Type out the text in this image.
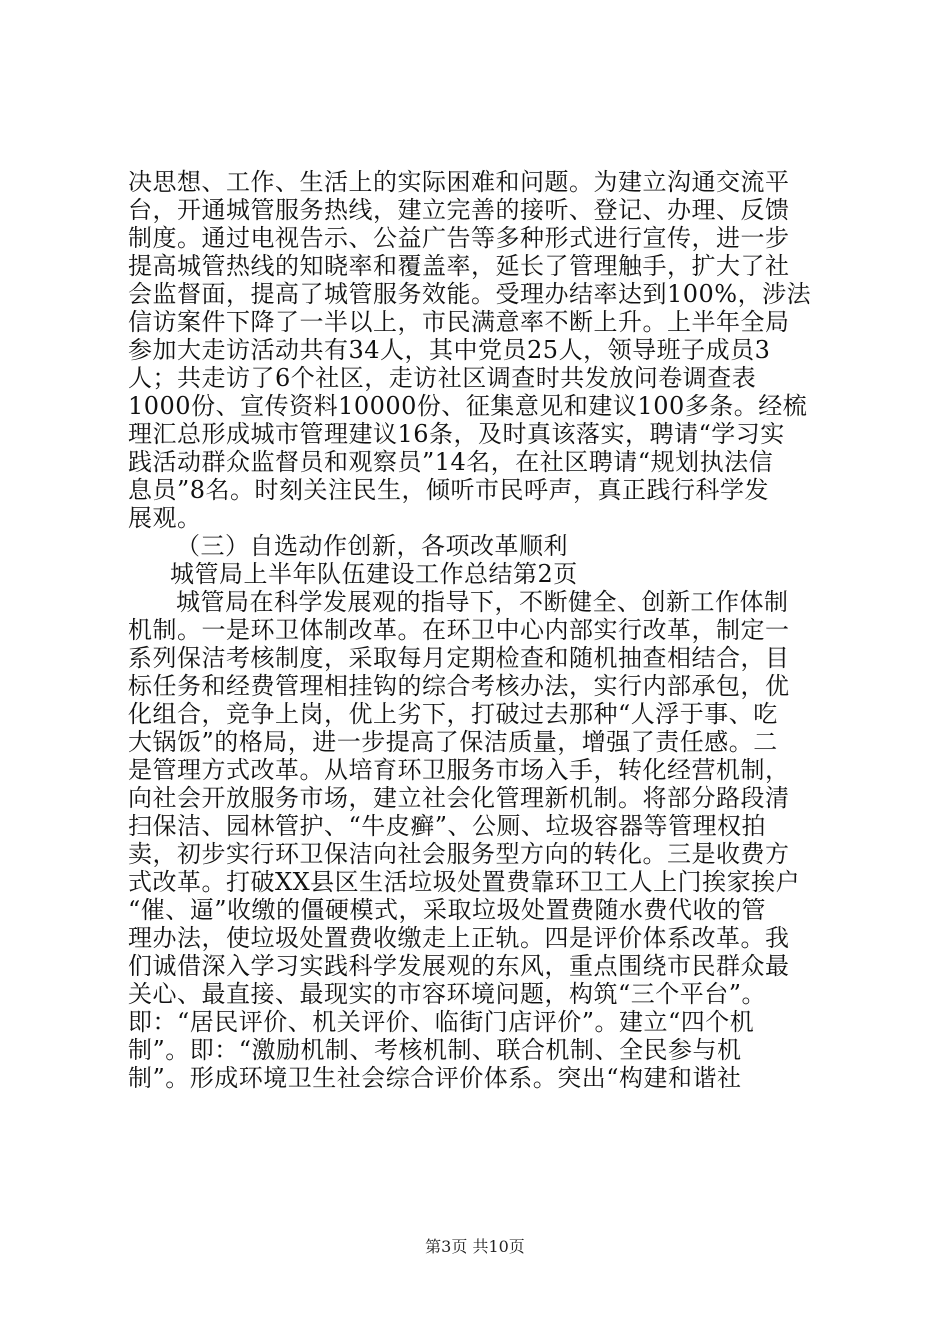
决思想、工作、生活上的实际困难和问题。为建立沟通交流平
台，开通城管服务热线，建立完善的接听、登记、办理、反馈
制度。通过电视告示、公益广告等多种形式进行宣传，进一步
提高城管热线的知晓率和覆盖率，延长了管理触手，扩大了社
会监督面，提高了城管服务效能。受理办结率达到100%，涉法
信访案件下降了一半以上，市民满意率不断上升。上半年全局
参加大走访活动共有34人，其中党员25人，领导班子成员3
人；共走访了6个社区，走访社区调查时共发放问卷调查表
1000份、宣传资料10000份、征集意见和建议100多条。经梳
理汇总形成城市管理建议16条，及时真该落实，聘请“学习实
践活动群众监督员和观察员”14名，在社区聘请“规划执法信
息员”8名。时刻关注民生，倾听市民呼声，真正践行科学发
展观。
（三）自选动作创新，各项改革顺利
城管局上半年队伍建设工作总结第2页
城管局在科学发展观的指导下，不断健全、创新工作体制
机制。一是环卫体制改革。在环卫中心内部实行改革，制定一
系列保洁考核制度，采取每月定期检查和随机抽查相结合，目
标任务和经费管理相挂钩的综合考核办法，实行内部承包，优
化组合，竞争上岗，优上劣下，打破过去那种“人浮于事、吃
大锅饭”的格局，进一步提高了保洁质量，增强了责任感。二
是管理方式改革。从培育环卫服务市场入手，转化经营机制，
向社会开放服务市场，建立社会化管理新机制。将部分路段清
扫保洁、园林管护、“牛皮癣”、公厕、垃圾容器等管理权拍
卖，初步实行环卫保洁向社会服务型方向的转化。三是收费方
式改革。打破XX县区生活垃圾处置费靠环卫工人上门挨家挨户
“催、逼”收缴的僵硬模式，采取垃圾处置费随水费代收的管
理办法，使垃圾处置费收缴走上正轨。四是评价体系改革。我
们诚借深入学习实践科学发展观的东风，重点围绕市民群众最
关心、最直接、最现实的市容环境问题，构筑“三个平台”。
即：“居民评价、机关评价、临街门店评价”。建立“四个机
制”。即：“激励机制、考核机制、联合机制、全民参与机
制”。形成环境卫生社会综合评价体系。突出“构建和谐社
第3页 共10页
